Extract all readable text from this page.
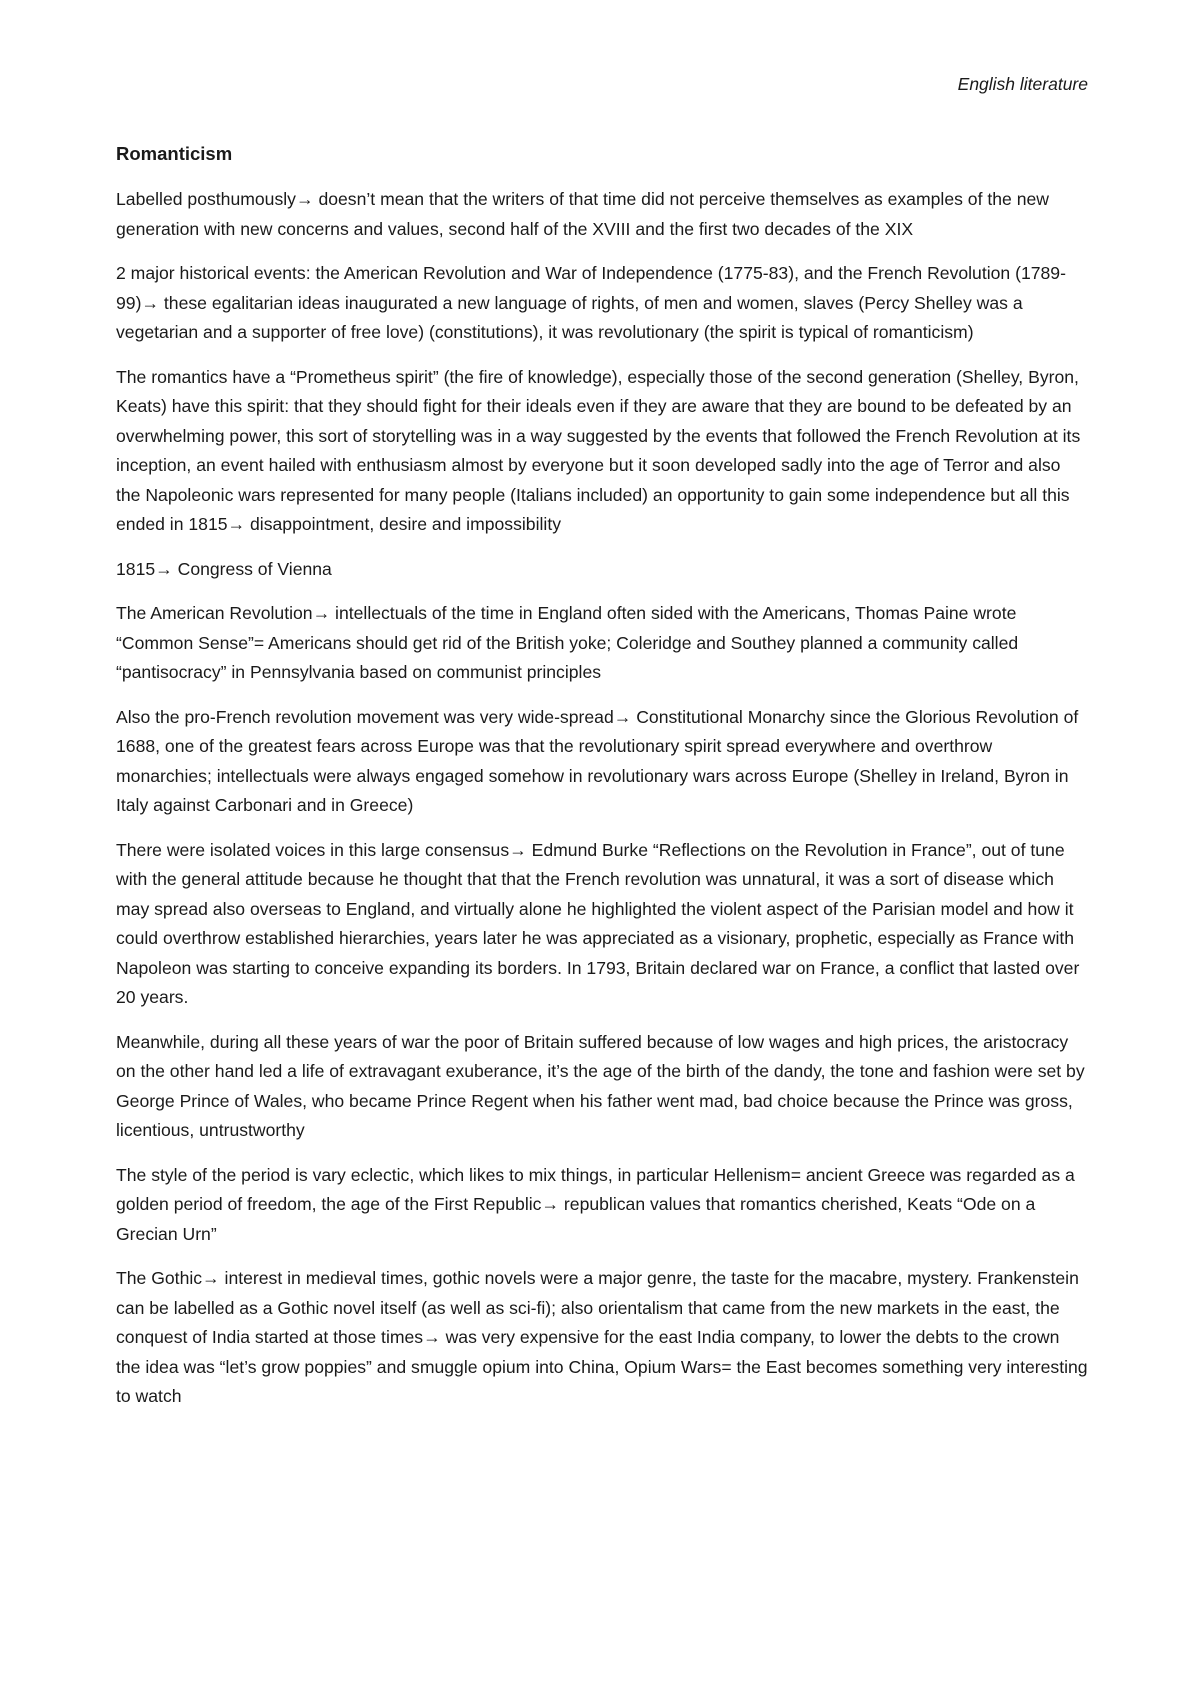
English literature
Romanticism

Labelled posthumously→ doesn’t mean that the writers of that time did not perceive themselves as examples of the new generation with new concerns and values, second half of the XVIII and the first two decades of the XIX

2 major historical events: the American Revolution and War of Independence (1775-83), and the French Revolution (1789-99)→ these egalitarian ideas inaugurated a new language of rights, of men and women, slaves (Percy Shelley was a vegetarian and a supporter of free love) (constitutions), it was revolutionary (the spirit is typical of romanticism)

The romantics have a “Prometheus spirit” (the fire of knowledge), especially those of the second generation (Shelley, Byron, Keats) have this spirit: that they should fight for their ideals even if they are aware that they are bound to be defeated by an overwhelming power, this sort of storytelling was in a way suggested by the events that followed the French Revolution at its inception, an event hailed with enthusiasm almost by everyone but it soon developed sadly into the age of Terror and also the Napoleonic wars represented for many people (Italians included) an opportunity to gain some independence but all this ended in 1815→ disappointment, desire and impossibility

1815→ Congress of Vienna

The American Revolution→ intellectuals of the time in England often sided with the Americans, Thomas Paine wrote “Common Sense”= Americans should get rid of the British yoke; Coleridge and Southey planned a community called “pantisocracy” in Pennsylvania based on communist principles

Also the pro-French revolution movement was very wide-spread→ Constitutional Monarchy since the Glorious Revolution of 1688, one of the greatest fears across Europe was that the revolutionary spirit spread everywhere and overthrow monarchies; intellectuals were always engaged somehow in revolutionary wars across Europe (Shelley in Ireland, Byron in Italy against Carbonari and in Greece)

There were isolated voices in this large consensus→ Edmund Burke “Reflections on the Revolution in France”, out of tune with the general attitude because he thought that that the French revolution was unnatural, it was a sort of disease which may spread also overseas to England, and virtually alone he highlighted the violent aspect of the Parisian model and how it could overthrow established hierarchies, years later he was appreciated as a visionary, prophetic, especially as France with Napoleon was starting to conceive expanding its borders. In 1793, Britain declared war on France, a conflict that lasted over 20 years.

Meanwhile, during all these years of war the poor of Britain suffered because of low wages and high prices, the aristocracy on the other hand led a life of extravagant exuberance, it’s the age of the birth of the dandy, the tone and fashion were set by George Prince of Wales, who became Prince Regent when his father went mad, bad choice because the Prince was gross, licentious, untrustworthy

The style of the period is vary eclectic, which likes to mix things, in particular Hellenism= ancient Greece was regarded as a golden period of freedom, the age of the First Republic→ republican values that romantics cherished, Keats “Ode on a Grecian Urn”

The Gothic→ interest in medieval times, gothic novels were a major genre, the taste for the macabre, mystery. Frankenstein can be labelled as a Gothic novel itself (as well as sci-fi); also orientalism that came from the new markets in the east, the conquest of India started at those times→ was very expensive for the east India company, to lower the debts to the crown the idea was “let’s grow poppies” and smuggle opium into China, Opium Wars= the East becomes something very interesting to watch
